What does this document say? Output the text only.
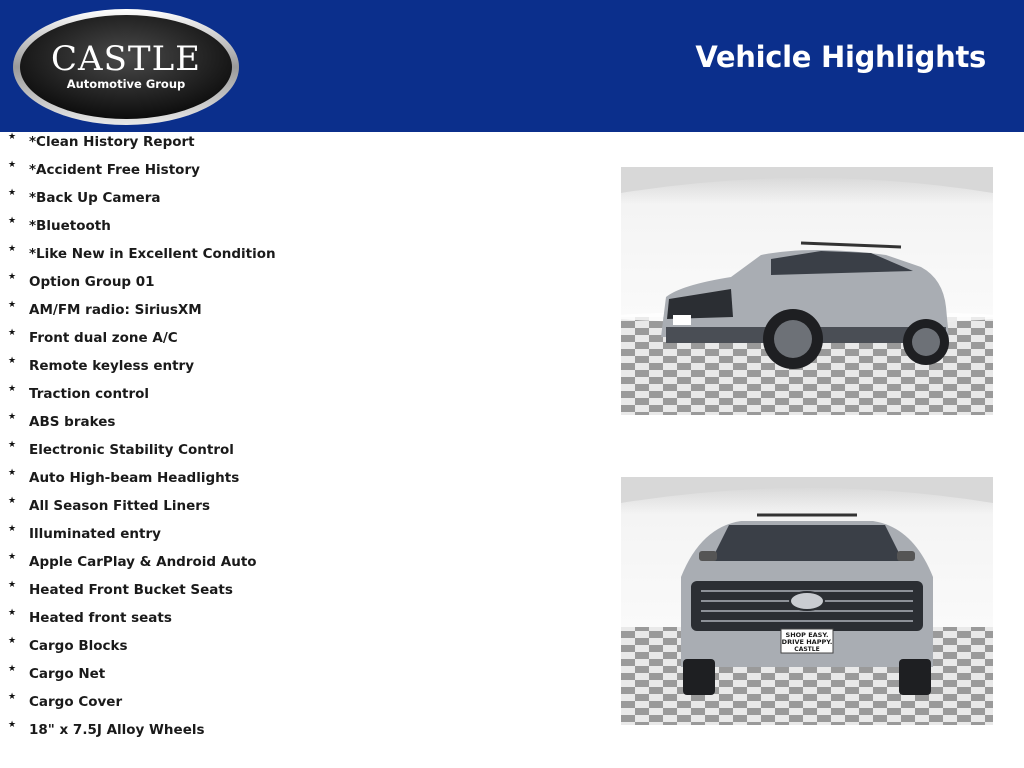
CASTLE
Automotive Group
Vehicle Highlights
★ *Clean History Report
★ *Accident Free History
★ *Back Up Camera
★ *Bluetooth
★ *Like New in Excellent Condition
★ Option Group 01
★ AM/FM radio: SiriusXM
★ Front dual zone A/C
★ Remote keyless entry
★ Traction control
★ ABS brakes
★ Electronic Stability Control
★ Auto High-beam Headlights
★ All Season Fitted Liners
★ Illuminated entry
★ Apple CarPlay & Android Auto
★ Heated Front Bucket Seats
★ Heated front seats
★ Cargo Blocks
★ Cargo Net
★ Cargo Cover
★ 18" x 7.5J Alloy Wheels
SHOP EASY.
DRIVE HAPPY.
CASTLE
